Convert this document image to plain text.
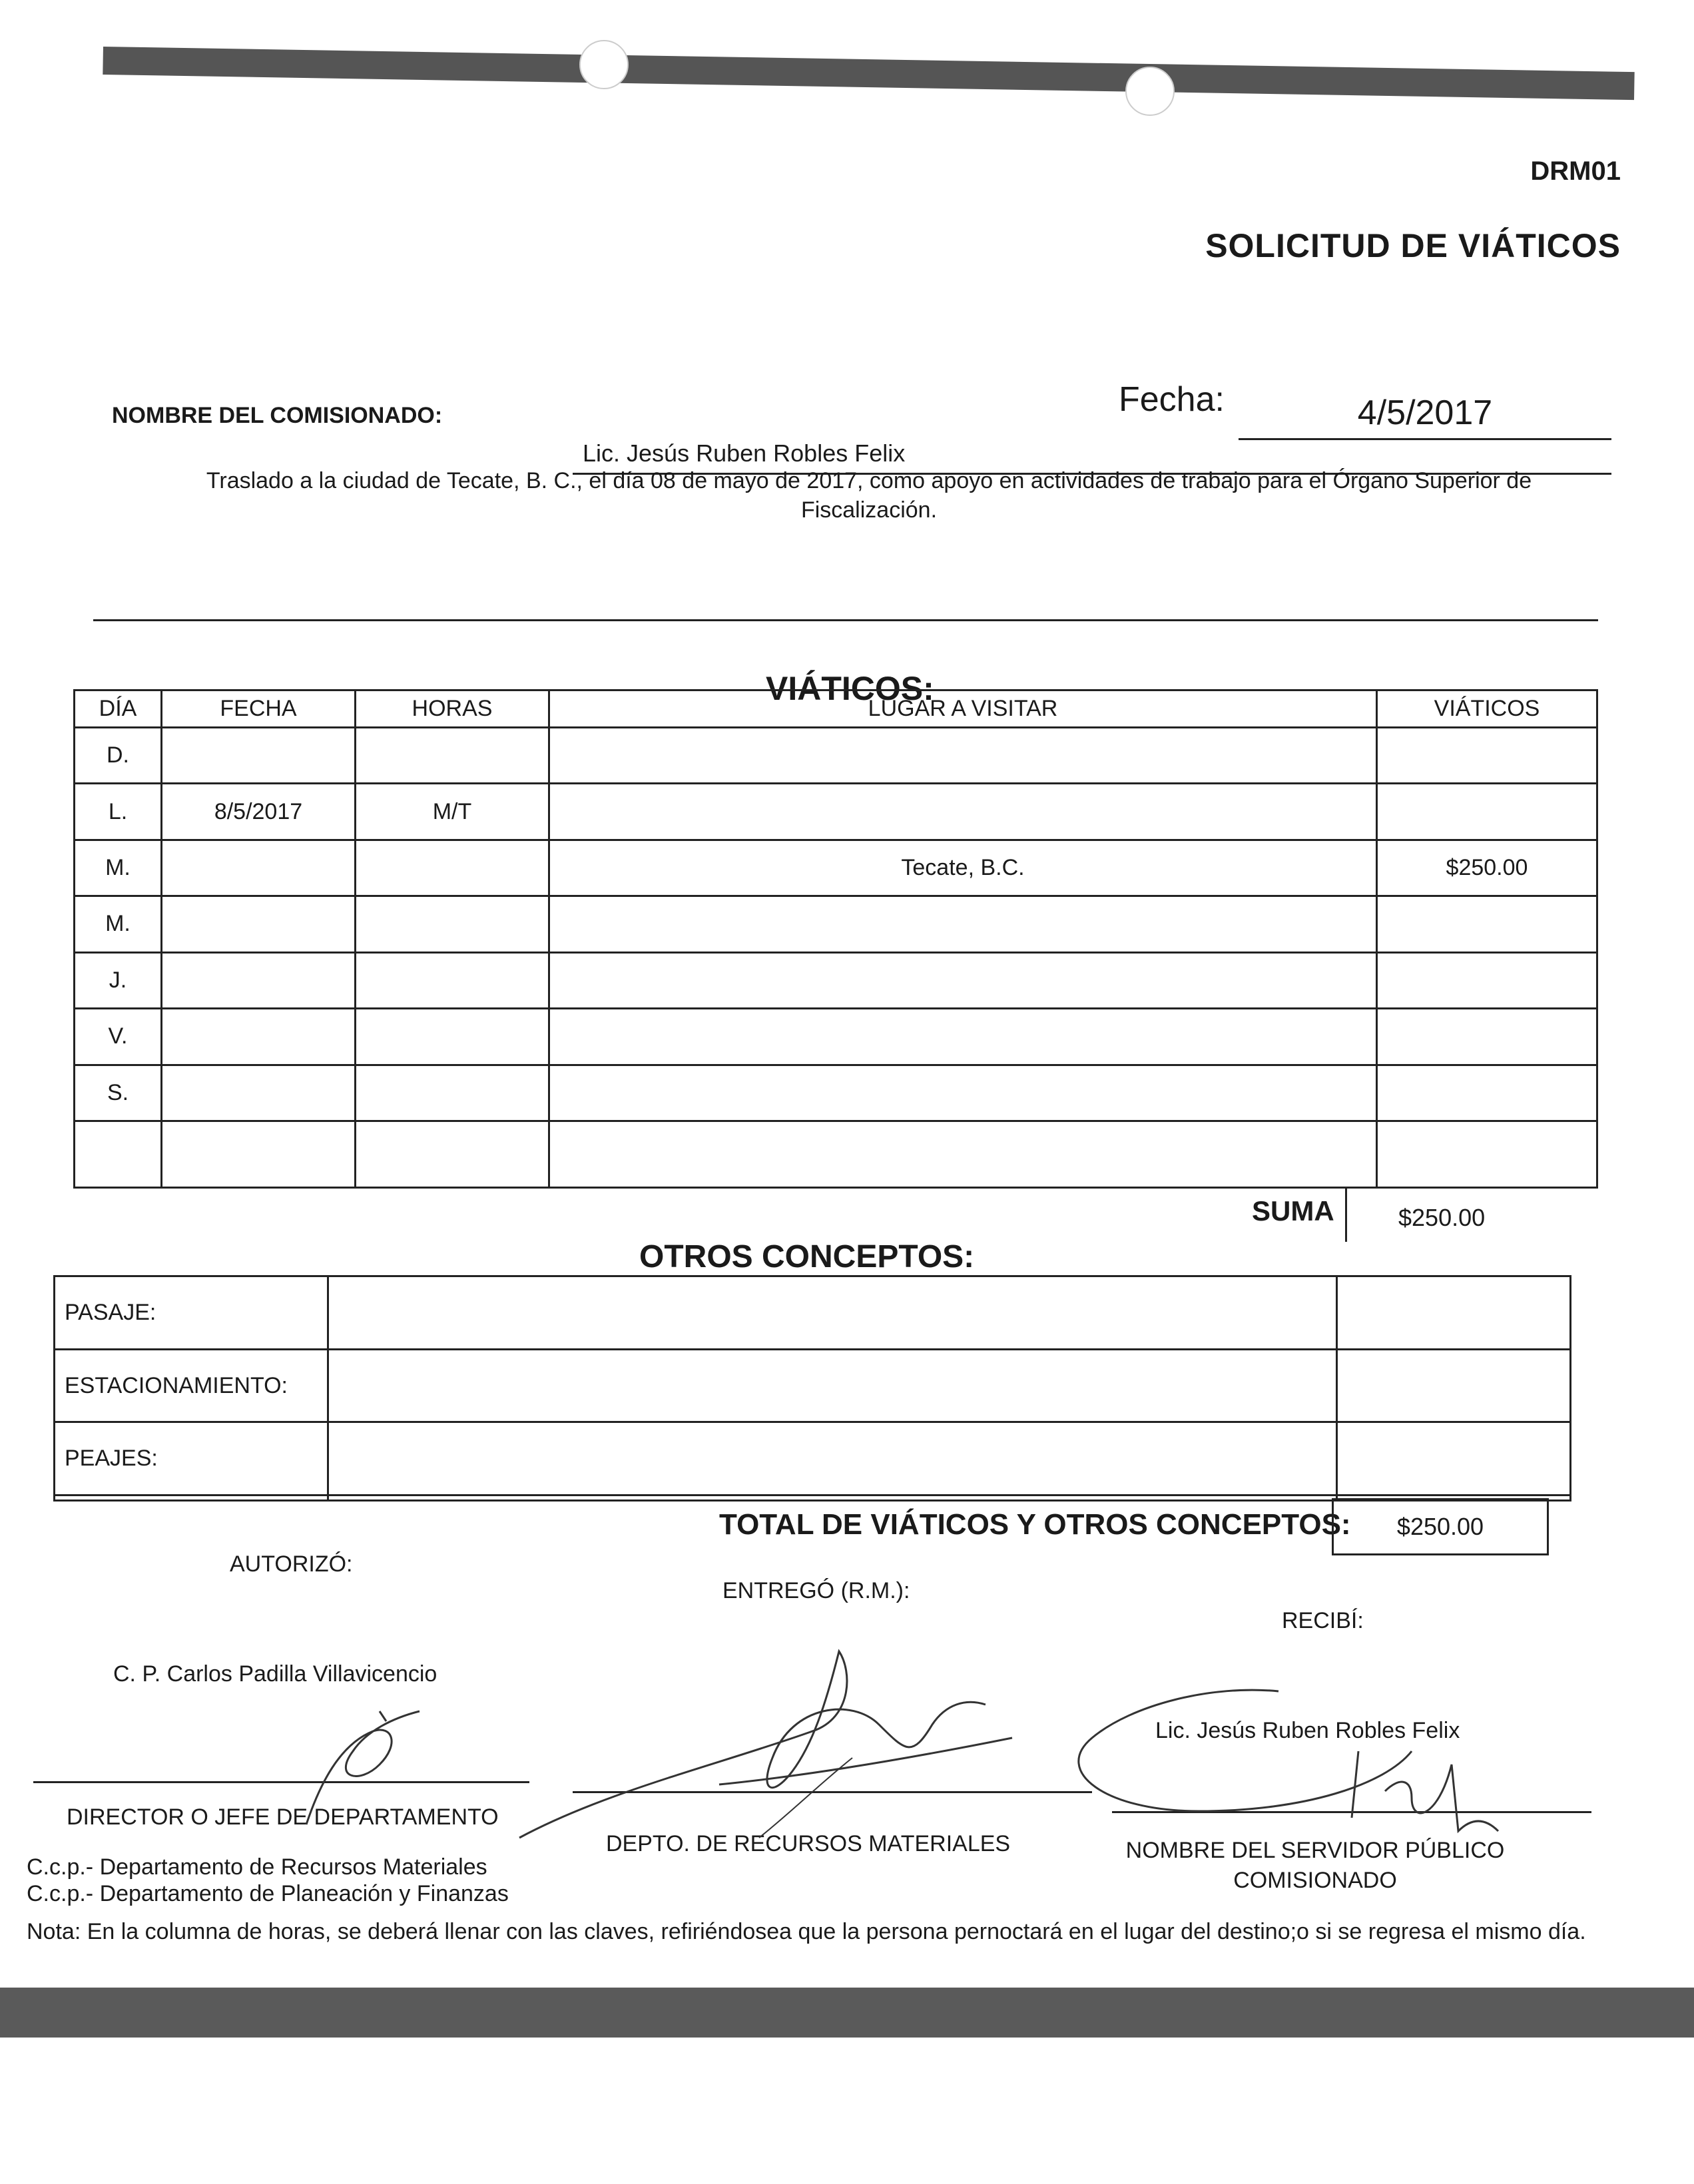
DRM01
SOLICITUD DE VIÁTICOS
Fecha:	4/5/2017
NOMBRE DEL COMISIONADO:
Lic. Jesús Ruben Robles Felix
Traslado a la ciudad de Tecate, B. C., el día 08 de mayo de 2017, como apoyo en actividades de trabajo para el Órgano Superior de Fiscalización.
VIÁTICOS:
DÍA	FECHA	HORAS	LUGAR A VISITAR	VIÁTICOS
D.				
L.	8/5/2017	M/T		
M.			Tecate, B.C.	$250.00
M.				
J.				
V.				
S.				

SUMA	$250.00
OTROS CONCEPTOS:
PASAJE:		
ESTACIONAMIENTO:		
PEAJES:		

TOTAL DE VIÁTICOS Y OTROS CONCEPTOS:	$250.00
AUTORIZÓ:
ENTREGÓ (R.M.):
RECIBÍ:
C. P. Carlos Padilla Villavicencio
Lic. Jesús Ruben Robles Felix
DIRECTOR O JEFE DE DEPARTAMENTO
DEPTO. DE RECURSOS MATERIALES	NOMBRE DEL SERVIDOR PÚBLICO
COMISIONADO
C.c.p.- Departamento de Recursos Materiales
C.c.p.- Departamento de Planeación y Finanzas
Nota: En la columna de horas, se deberá llenar con las claves, refiriéndosea que la persona pernoctará en el lugar del destino;o si se regresa el mismo día.
